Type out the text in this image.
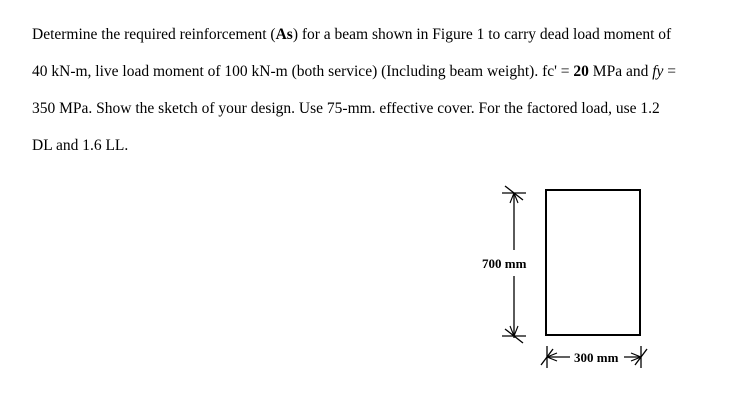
Determine the required reinforcement (As) for a beam shown in Figure 1 to carry dead load moment of
40 kN-m, live load moment of 100 kN-m (both service) (Including beam weight). fc' = 20 MPa and fy =
350 MPa. Show the sketch of your design. Use 75-mm. effective cover. For the factored load, use 1.2
DL and 1.6 LL.
700 mm
300 mm
